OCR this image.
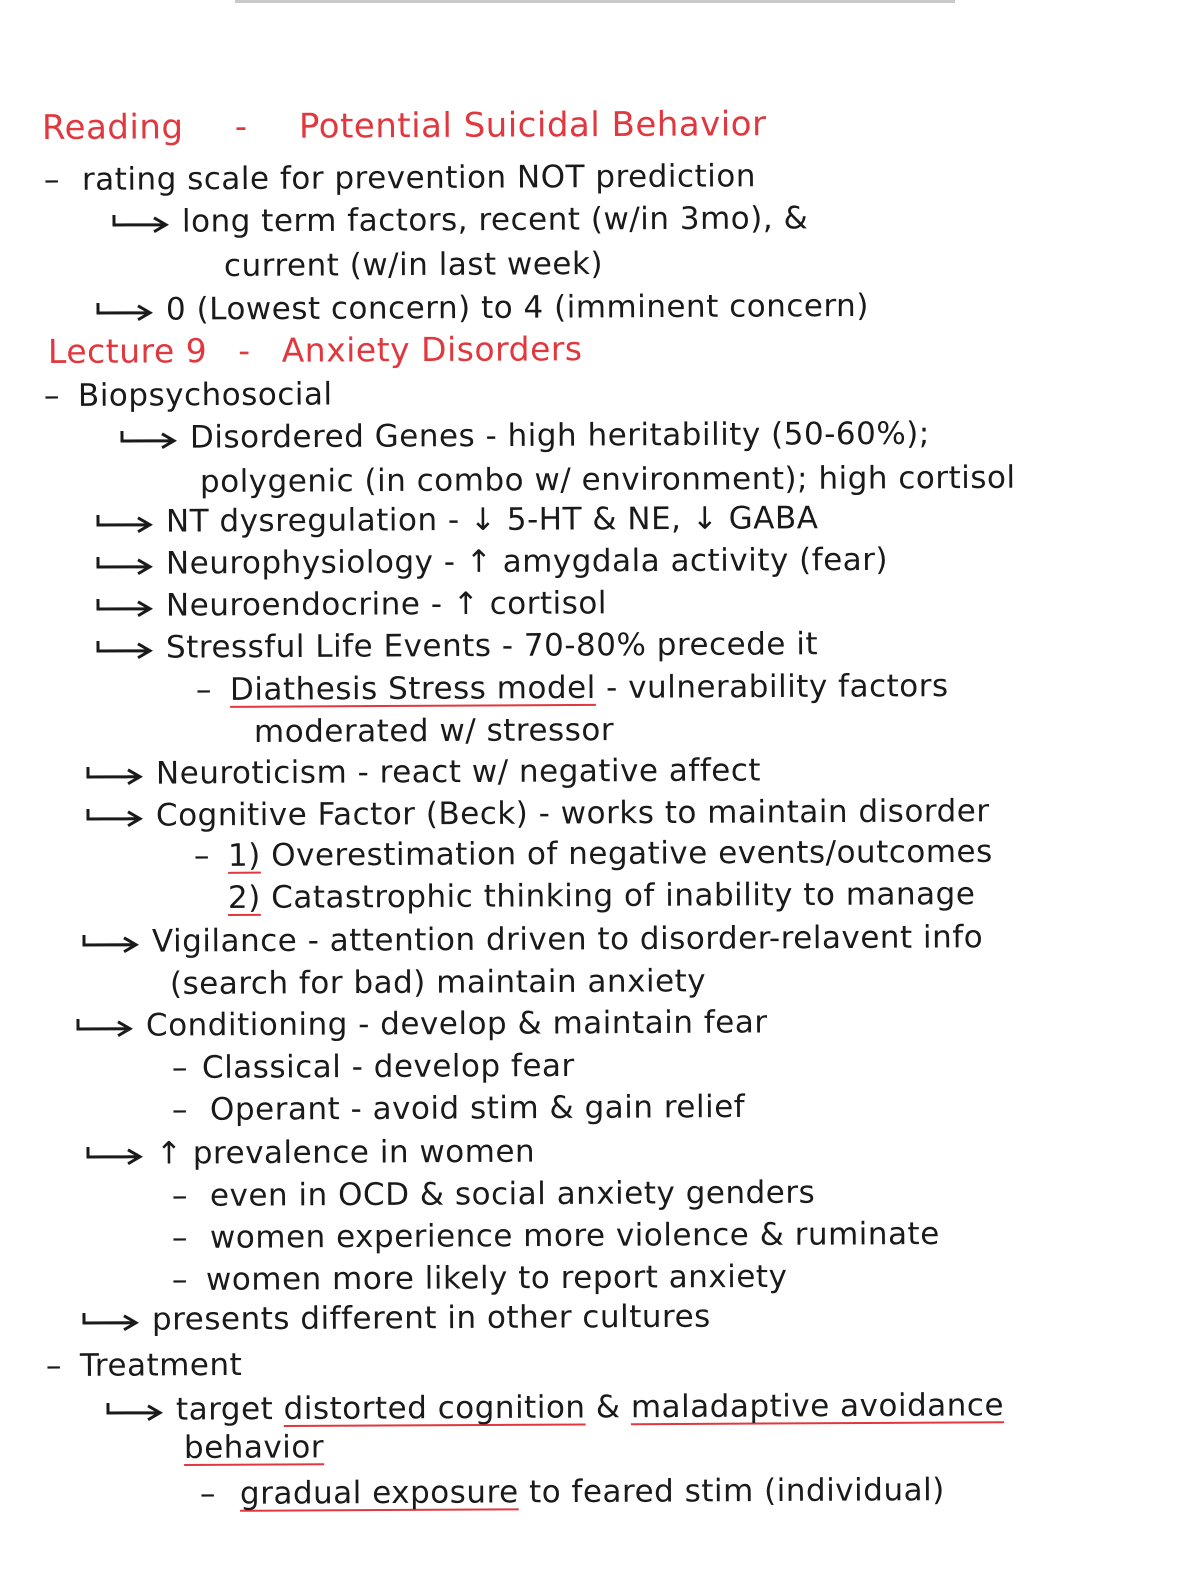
Reading - Potential Suicidal Behavior
– rating scale for prevention NOT prediction
long term factors, recent (w/in 3mo), &
current (w/in last week)
0 (Lowest concern) to 4 (imminent concern)
Lecture 9 - Anxiety Disorders
– Biopsychosocial
Disordered Genes - high heritability (50-60%);
polygenic (in combo w/ environment); high cortisol
NT dysregulation - ↓ 5-HT & NE, ↓ GABA
Neurophysiology - ↑ amygdala activity (fear)
Neuroendocrine - ↑ cortisol
Stressful Life Events - 70-80% precede it
– Diathesis Stress model - vulnerability factors
moderated w/ stressor
Neuroticism - react w/ negative affect
Cognitive Factor (Beck) - works to maintain disorder
– 1) Overestimation of negative events/outcomes
2) Catastrophic thinking of inability to manage
Vigilance - attention driven to disorder-relavent info
(search for bad) maintain anxiety
Conditioning - develop & maintain fear
– Classical - develop fear
– Operant - avoid stim & gain relief
↑ prevalence in women
– even in OCD & social anxiety genders
– women experience more violence & ruminate
– women more likely to report anxiety
presents different in other cultures
– Treatment
target distorted cognition & maladaptive avoidance
behavior
– gradual exposure to feared stim (individual)
